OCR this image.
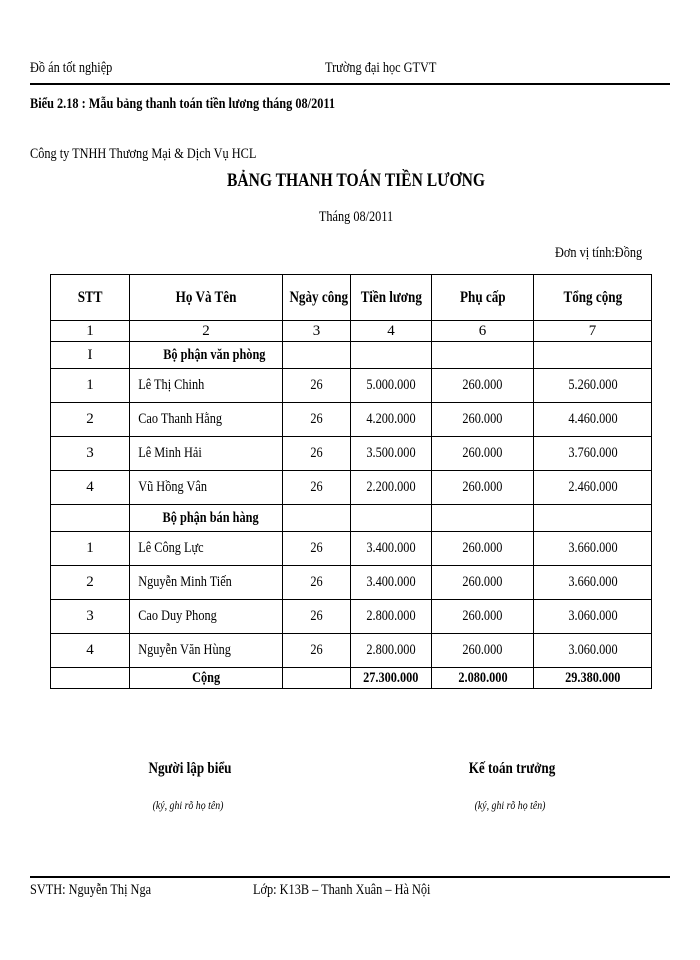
Đồ án tốt nghiệp	Trường đại học GTVT
Biểu 2.18 : Mẫu bảng thanh toán tiền lương tháng 08/2011
Công ty TNHH Thương Mại & Dịch Vụ HCL
BẢNG THANH TOÁN TIỀN LƯƠNG
Tháng 08/2011
Đơn vị tính:Đồng
STT	Họ Và Tên	Ngày công	Tiền lương	Phụ cấp	Tổng cộng
1	2	3	4	6	7
I	Bộ phận văn phòng				
1	Lê Thị Chinh	26	5.000.000	260.000	5.260.000
2	Cao Thanh Hằng	26	4.200.000	260.000	4.460.000
3	Lê Minh Hải	26	3.500.000	260.000	3.760.000
4	Vũ Hồng Vân	26	2.200.000	260.000	2.460.000
	Bộ phận bán hàng				
1	Lê Công Lực	26	3.400.000	260.000	3.660.000
2	Nguyễn Minh Tiến	26	3.400.000	260.000	3.660.000
3	Cao Duy Phong	26	2.800.000	260.000	3.060.000
4	Nguyễn Văn Hùng	26	2.800.000	260.000	3.060.000
	Cộng		27.300.000	2.080.000	29.380.000
Người lập biểu
(ký, ghi rõ họ tên)
Kế toán trưởng
(ký, ghi rõ họ tên)
SVTH: Nguyễn Thị Nga	Lớp: K13B – Thanh Xuân – Hà Nội
